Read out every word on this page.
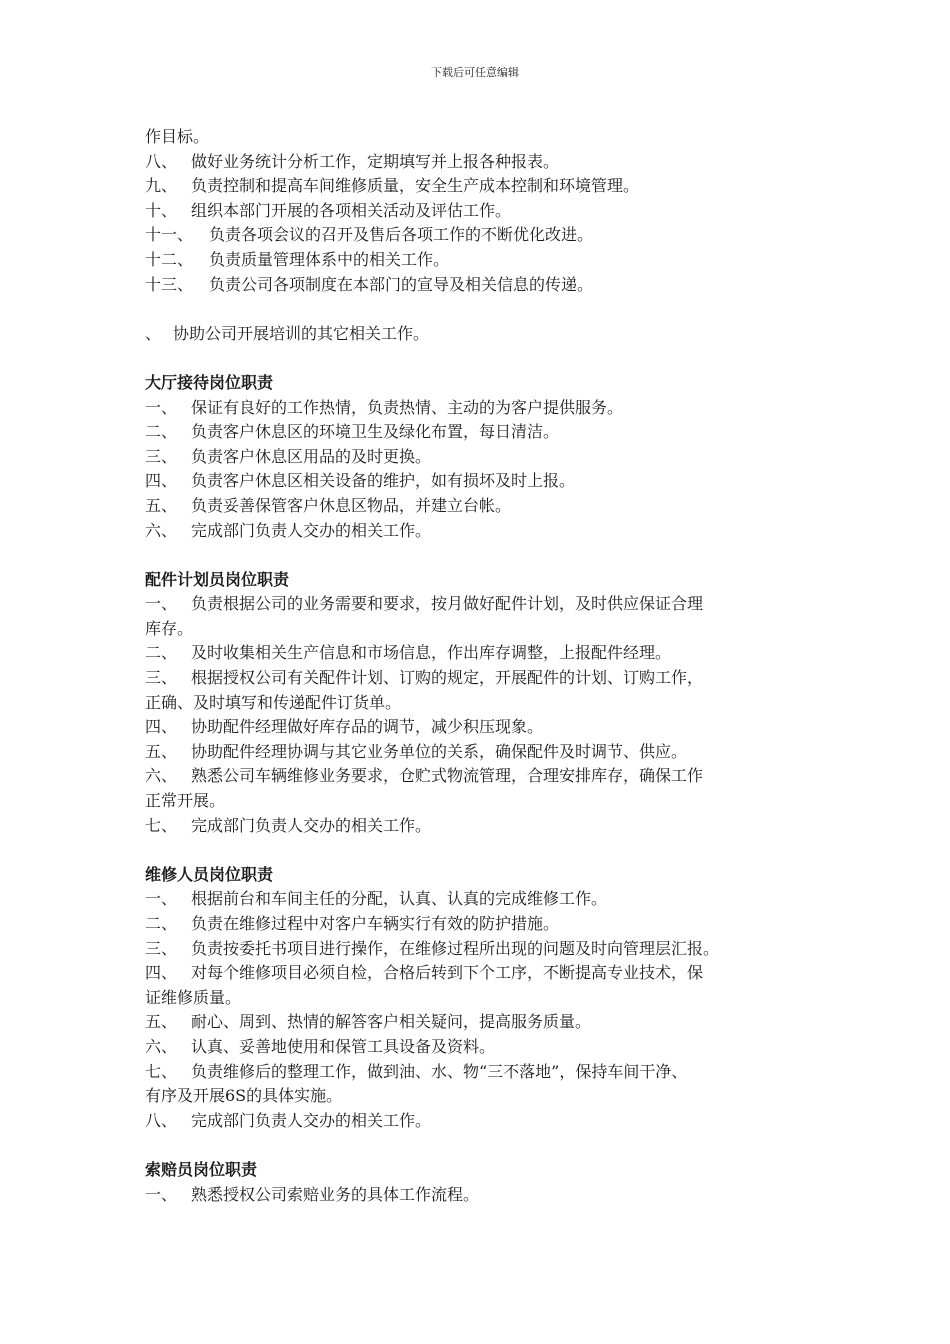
下载后可任意编辑
作目标。
八、 做好业务统计分析工作，定期填写并上报各种报表。
九、 负责控制和提高车间维修质量，安全生产成本控制和环境管理。
十、 组织本部门开展的各项相关活动及评估工作。
十一、 负责各项会议的召开及售后各项工作的不断优化改进。
十二、 负责质量管理体系中的相关工作。
十三、 负责公司各项制度在本部门的宣导及相关信息的传递。
、 协助公司开展培训的其它相关工作。
大厅接待岗位职责
一、 保证有良好的工作热情，负责热情、主动的为客户提供服务。
二、 负责客户休息区的环境卫生及绿化布置，每日清洁。
三、 负责客户休息区用品的及时更换。
四、 负责客户休息区相关设备的维护，如有损坏及时上报。
五、 负责妥善保管客户休息区物品，并建立台帐。
六、 完成部门负责人交办的相关工作。
配件计划员岗位职责
一、 负责根据公司的业务需要和要求，按月做好配件计划，及时供应保证合理
库存。
二、 及时收集相关生产信息和市场信息，作出库存调整，上报配件经理。
三、 根据授权公司有关配件计划、订购的规定，开展配件的计划、订购工作，
正确、及时填写和传递配件订货单。
四、 协助配件经理做好库存品的调节，减少积压现象。
五、 协助配件经理协调与其它业务单位的关系，确保配件及时调节、供应。
六、 熟悉公司车辆维修业务要求，仓贮式物流管理，合理安排库存，确保工作
正常开展。
七、 完成部门负责人交办的相关工作。
维修人员岗位职责
一、 根据前台和车间主任的分配，认真、认真的完成维修工作。
二、 负责在维修过程中对客户车辆实行有效的防护措施。
三、 负责按委托书项目进行操作，在维修过程所出现的问题及时向管理层汇报。
四、 对每个维修项目必须自检，合格后转到下个工序，不断提高专业技术，保
证维修质量。
五、 耐心、周到、热情的解答客户相关疑问，提高服务质量。
六、 认真、妥善地使用和保管工具设备及资料。
七、 负责维修后的整理工作，做到油、水、物“三不落地”，保持车间干净、
有序及开展6S的具体实施。
八、 完成部门负责人交办的相关工作。
索赔员岗位职责
一、 熟悉授权公司索赔业务的具体工作流程。
